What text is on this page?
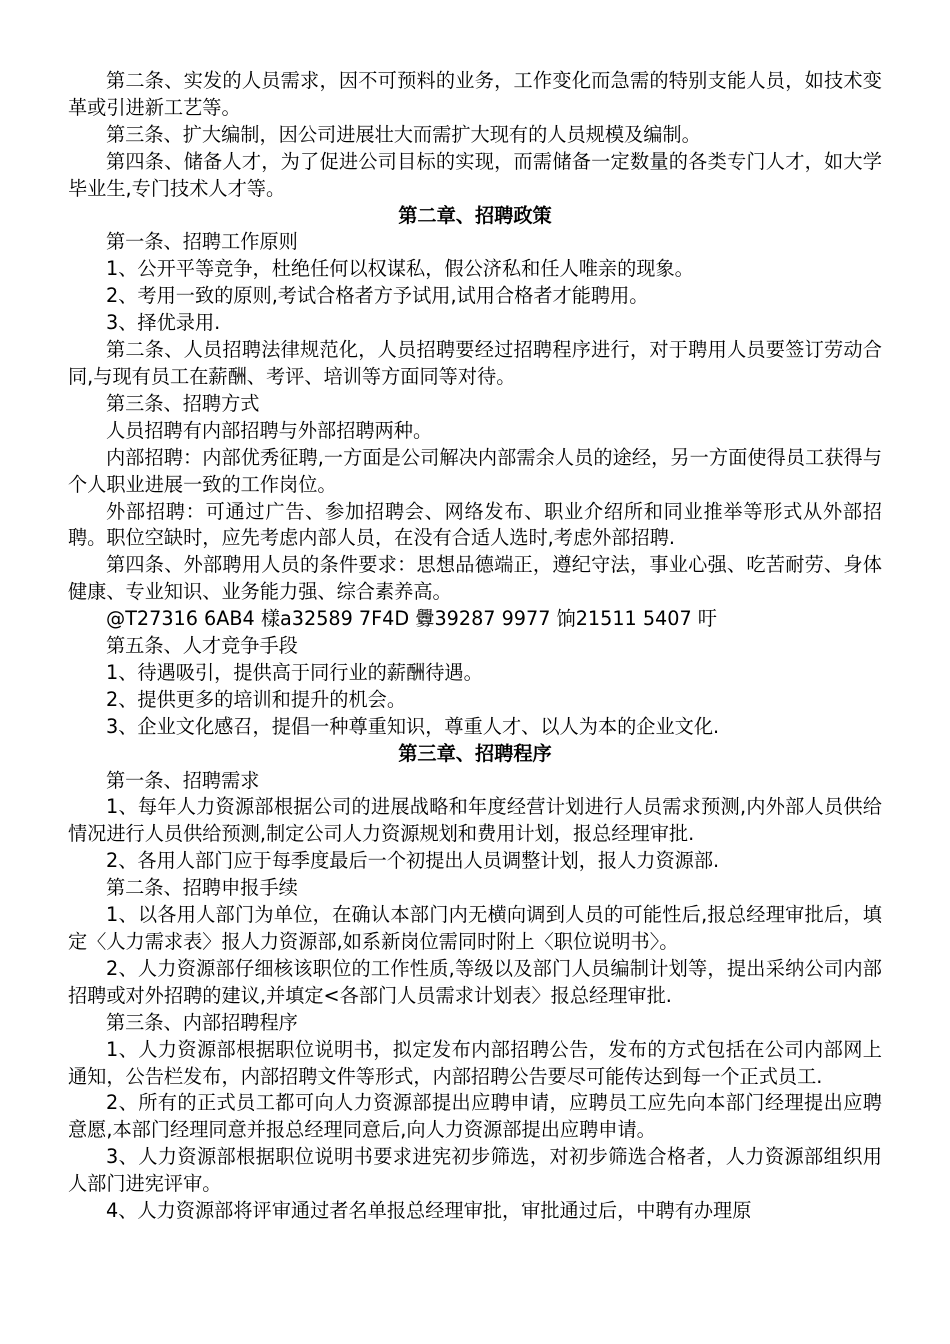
第二条、实发的人员需求，因不可预料的业务，工作变化而急需的特别支能人员，如技术变革或引进新工艺等。

第三条、扩大编制，因公司进展壮大而需扩大现有的人员规模及编制。

第四条、储备人才，为了促进公司目标的实现，而需储备一定数量的各类专门人才，如大学毕业生,专门技术人才等。

第二章、招聘政策

第一条、招聘工作原则

1、公开平等竞争，杜绝任何以权谋私，假公济私和任人唯亲的现象。

2、考用一致的原则,考试合格者方予试用,试用合格者才能聘用。

3、择优录用.

第二条、人员招聘法律规范化，人员招聘要经过招聘程序进行，对于聘用人员要签订劳动合同,与现有员工在薪酬、考评、培训等方面同等对待。

第三条、招聘方式

人员招聘有内部招聘与外部招聘两种。

内部招聘：内部优秀征聘,一方面是公司解决内部需余人员的途经，另一方面使得员工获得与个人职业进展一致的工作岗位。

外部招聘：可通过广告、参加招聘会、网络发布、职业介绍所和同业推举等形式从外部招聘。职位空缺时，应先考虑内部人员，在没有合适人选时,考虑外部招聘.

第四条、外部聘用人员的条件要求：思想品德端正，遵纪守法，事业心强、吃苦耐劳、身体健康、专业知识、业务能力强、综合素养高。

@T27316 6AB4 樣a32589 7F4D 釁39287 9977 饷21511 5407 吁

第五条、人才竞争手段

1、待遇吸引，提供高于同行业的薪酬待遇。

2、提供更多的培训和提升的机会。

3、企业文化感召，提倡一种尊重知识，尊重人才、以人为本的企业文化.

第三章、招聘程序

第一条、招聘需求

1、每年人力资源部根据公司的进展战略和年度经营计划进行人员需求预测,内外部人员供给情况进行人员供给预测,制定公司人力资源规划和费用计划，报总经理审批.

2、各用人部门应于每季度最后一个初提出人员调整计划，报人力资源部.

第二条、招聘申报手续

1、以各用人部门为单位，在确认本部门内无横向调到人员的可能性后,报总经理审批后，填定〈人力需求表〉报人力资源部,如系新岗位需同时附上〈职位说明书〉。

2、人力资源部仔细核该职位的工作性质,等级以及部门人员编制计划等，提出采纳公司内部招聘或对外招聘的建议,并填定<各部门人员需求计划表〉报总经理审批.

第三条、内部招聘程序

1、人力资源部根据职位说明书，拟定发布内部招聘公告，发布的方式包括在公司内部网上通知，公告栏发布，内部招聘文件等形式，内部招聘公告要尽可能传达到每一个正式员工.

2、所有的正式员工都可向人力资源部提出应聘申请，应聘员工应先向本部门经理提出应聘意愿,本部门经理同意并报总经理同意后,向人力资源部提出应聘申请。

3、人力资源部根据职位说明书要求进宪初步筛选，对初步筛选合格者，人力资源部组织用人部门进宪评审。

4、人力资源部将评审通过者名单报总经理审批，审批通过后，中聘有办理原
